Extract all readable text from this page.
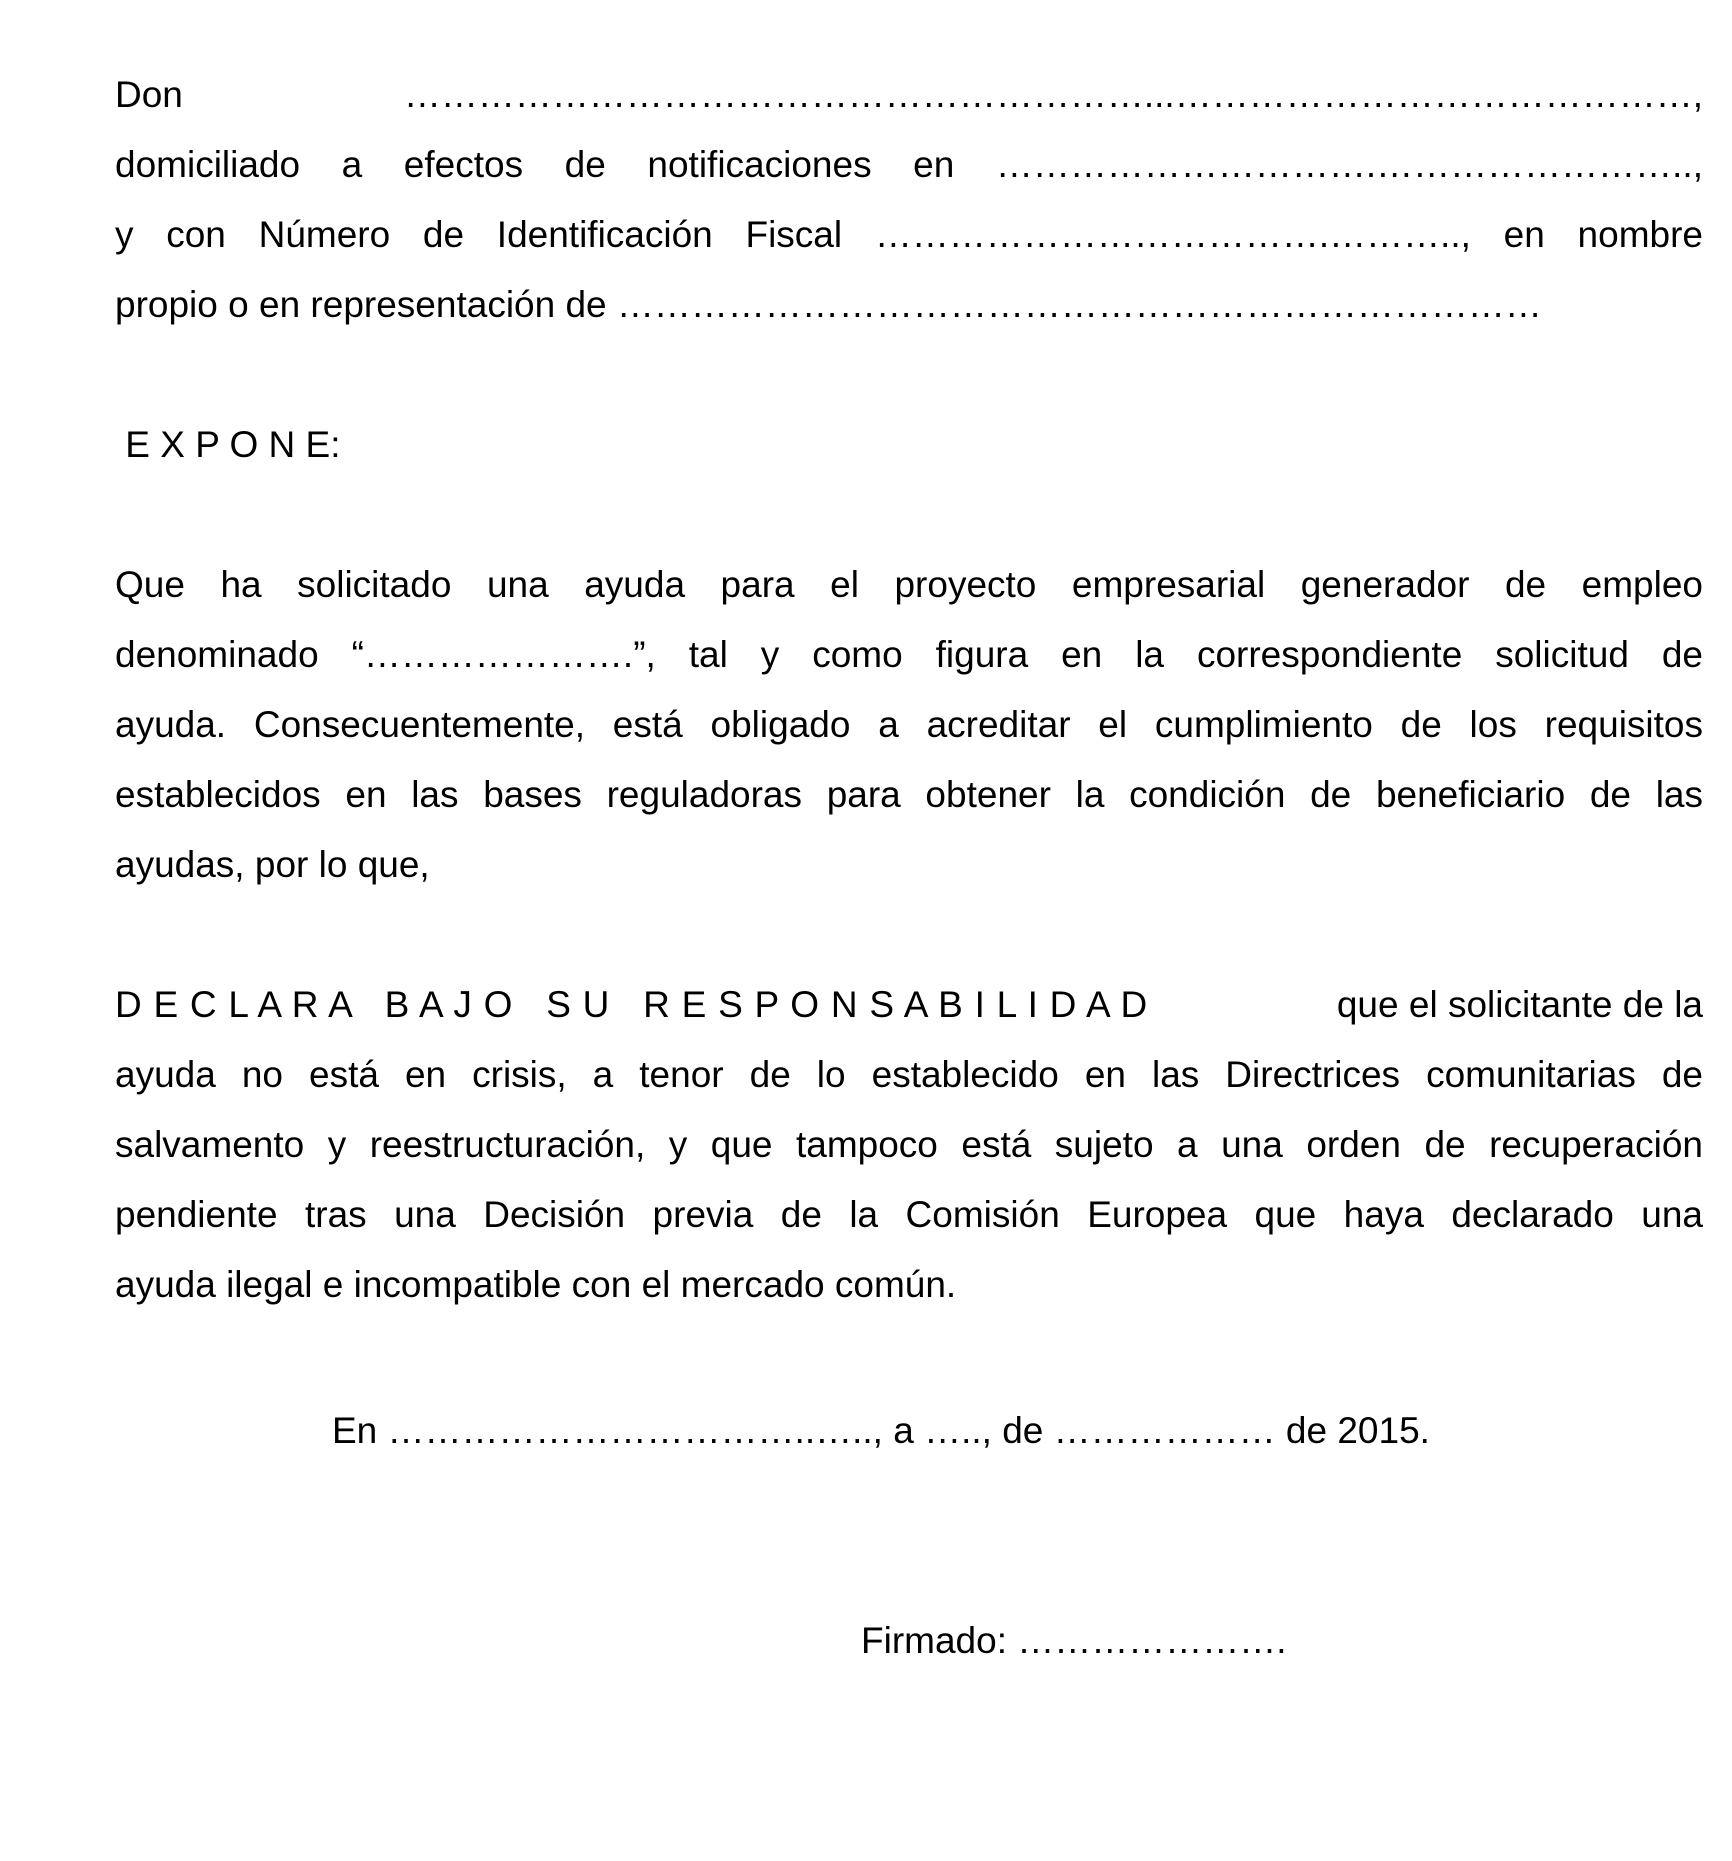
Don ……………………………………………………...……………………………………,
domiciliado a efectos de notificaciones en ………………………….……………………..,
y con Número de Identificación Fiscal ……………………………….……….., en nombre
propio o en representación de …………………………………………………………………
E X P O N E:
Que ha solicitado una ayuda para el proyecto empresarial generador de empleo
denominado “………………….”, tal y como figura en la correspondiente solicitud de
ayuda. Consecuentemente, está obligado a acreditar el cumplimiento de los requisitos
establecidos en las bases reguladoras para obtener la condición de beneficiario de las
ayudas, por lo que,
D E C L A R A   B A J O   S U   R E S P O N S A B I L I D A D	que el solicitante de la
ayuda no está en crisis, a tenor de lo establecido en las Directrices comunitarias de
salvamento y reestructuración, y que tampoco está sujeto a una orden de recuperación
pendiente tras una Decisión previa de la Comisión Europea que haya declarado una
ayuda ilegal e incompatible con el mercado común.
En ……………………………..….., a ….., de ……………… de 2015.
Firmado: ………………….
